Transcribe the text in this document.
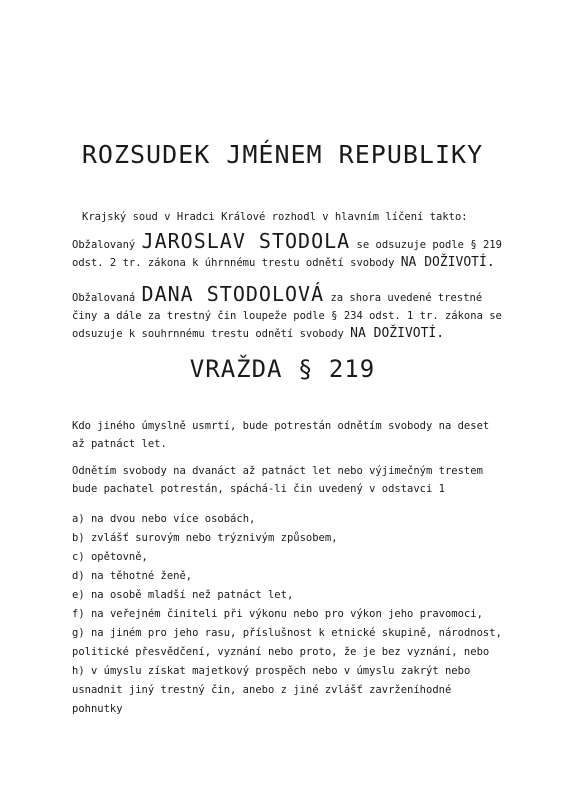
ROZSUDEK JMÉNEM REPUBLIKY
Krajský soud v Hradci Králové rozhodl v hlavním líčení takto:
Obžalovaný JAROSLAV STODOLA se odsuzuje podle § 219 odst. 2 tr. zákona k úhrnnému trestu odnětí svobody NA DOŽIVOTÍ.
Obžalovaná DANA STODOLOVÁ za shora uvedené trestné činy a dále za trestný čin loupeže podle § 234 odst. 1 tr. zákona se odsuzuje k souhrnnému trestu odnětí svobody NA DOŽIVOTÍ.
VRAŽDA § 219
Kdo jiného úmyslně usmrtí, bude potrestán odnětím svobody na deset až patnáct let.
Odnětím svobody na dvanáct až patnáct let nebo výjimečným trestem bude pachatel potrestán, spáchá-li čin uvedený v odstavci 1
a) na dvou nebo více osobách,
b) zvlášť surovým nebo trýznivým způsobem,
c) opětovně,
d) na těhotné ženě,
e) na osobě mladší než patnáct let,
f) na veřejném činiteli při výkonu nebo pro výkon jeho pravomoci,
g) na jiném pro jeho rasu, příslušnost k etnické skupině, národnost, politické přesvědčení, vyznání nebo proto, že je bez vyznání, nebo
h) v úmyslu získat majetkový prospěch nebo v úmyslu zakrýt nebo usnadnit jiný trestný čin, anebo z jiné zvlášť zavrženíhodné pohnutky
